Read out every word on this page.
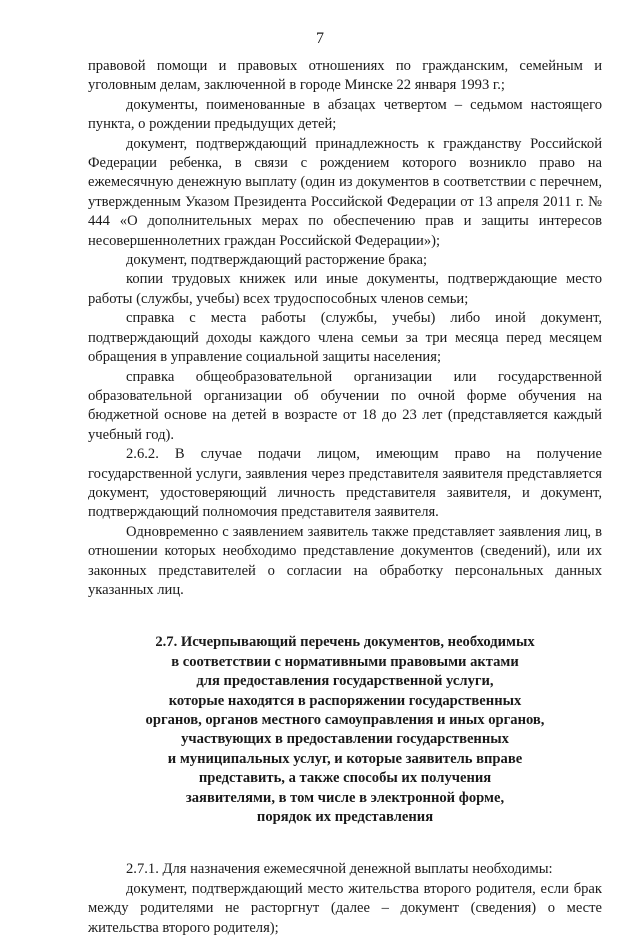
7

правовой помощи и правовых отношениях по гражданским, семейным и уголовным делам, заключенной в городе Минске 22 января 1993 г.;

документы, поименованные в абзацах четвертом – седьмом настоящего пункта, о рождении предыдущих детей;

документ, подтверждающий принадлежность к гражданству Российской Федерации ребенка, в связи с рождением которого возникло право на ежемесячную денежную выплату (один из документов в соответствии с перечнем, утвержденным Указом Президента Российской Федерации от 13 апреля 2011 г. № 444 «О дополнительных мерах по обеспечению прав и защиты интересов несовершеннолетних граждан Российской Федерации»);

документ, подтверждающий расторжение брака;

копии трудовых книжек или иные документы, подтверждающие место работы (службы, учебы) всех трудоспособных членов семьи;

справка с места работы (службы, учебы) либо иной документ, подтверждающий доходы каждого члена семьи за три месяца перед месяцем обращения в управление социальной защиты населения;

справка общеобразовательной организации или государственной образовательной организации об обучении по очной форме обучения на бюджетной основе на детей в возрасте от 18 до 23 лет (представляется каждый учебный год).

2.6.2. В случае подачи лицом, имеющим право на получение государственной услуги, заявления через представителя заявителя представляется документ, удостоверяющий личность представителя заявителя, и документ, подтверждающий полномочия представителя заявителя.

Одновременно с заявлением заявитель также представляет заявления лиц, в отношении которых необходимо представление документов (сведений), или их законных представителей о согласии на обработку персональных данных указанных лиц.

2.7. Исчерпывающий перечень документов, необходимых
в соответствии с нормативными правовыми актами
для предоставления государственной услуги,
которые находятся в распоряжении государственных
органов, органов местного самоуправления и иных органов,
участвующих в предоставлении государственных
и муниципальных услуг, и которые заявитель вправе
представить, а также способы их получения
заявителями, в том числе в электронной форме,
порядок их представления

2.7.1. Для назначения ежемесячной денежной выплаты необходимы:

документ, подтверждающий место жительства второго родителя, если брак между родителями не расторгнут (далее – документ (сведения) о месте жительства второго родителя);
